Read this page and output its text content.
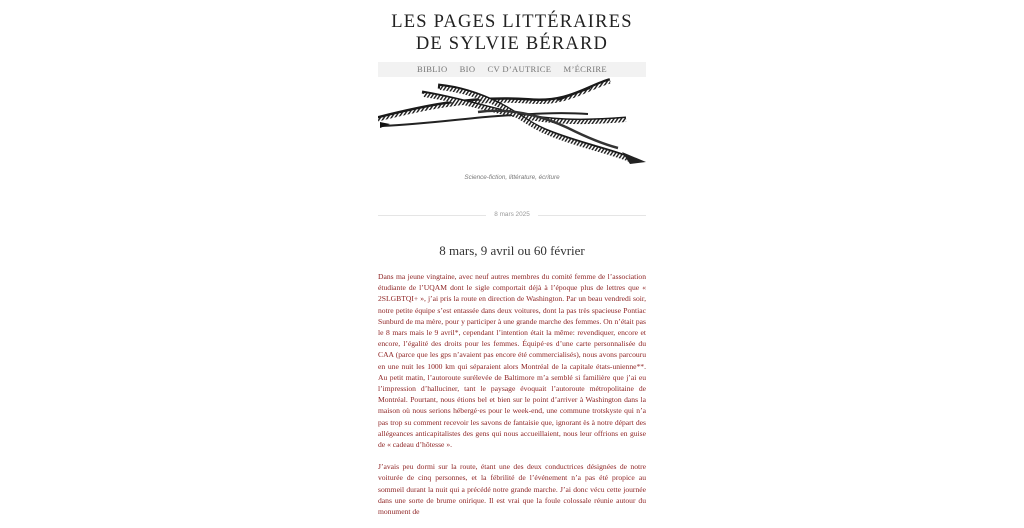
LES PAGES LITTÉRAIRES DE SYLVIE BÉRARD
BIBLIO BIO CV D’AUTRICE M’ÉCRIRE
Science-fiction, littérature, écriture
8 mars 2025
8 mars, 9 avril ou 60 février

Dans ma jeune vingtaine, avec neuf autres membres du comité femme de l’association étudiante de l’UQAM dont le sigle comportait déjà à l’époque plus de lettres que « 2SLGBTQI+ », j’ai pris la route en direction de Washington. Par un beau vendredi soir, notre petite équipe s’est entassée dans deux voitures, dont la pas très spacieuse Pontiac Sunburd de ma mère, pour y participer à une grande marche des femmes. On n’était pas le 8 mars mais le 9 avril*, cependant l’intention était la même: revendiquer, encore et encore, l’égalité des droits pour les femmes. Équipé·es d’une carte personnalisée du CAA (parce que les gps n’avaient pas encore été commercialisés), nous avons parcouru en une nuit les 1000 km qui séparaient alors Montréal de la capitale états-unienne**. Au petit matin, l’autoroute surélevée de Baltimore m’a semblé si familière que j’ai eu l’impression d’halluciner, tant le paysage évoquait l’autoroute métropolitaine de Montréal. Pourtant, nous étions bel et bien sur le point d’arriver à Washington dans la maison où nous serions hébergé·es pour le week-end, une commune trotskyste qui n’a pas trop su comment recevoir les savons de fantaisie que, ignorant ès à notre départ des allégeances anticapitalistes des gens qui nous accueillaient, nous leur offrions en guise de « cadeau d’hôtesse ».

J’avais peu dormi sur la route, étant une des deux conductrices désignées de notre voiturée de cinq personnes, et la fébrilité de l’événement n’a pas été propice au sommeil durant la nuit qui a précédé notre grande marche. J’ai donc vécu cette journée dans une sorte de brume onirique. Il est vrai que la foule colossale réunie autour du monument de
